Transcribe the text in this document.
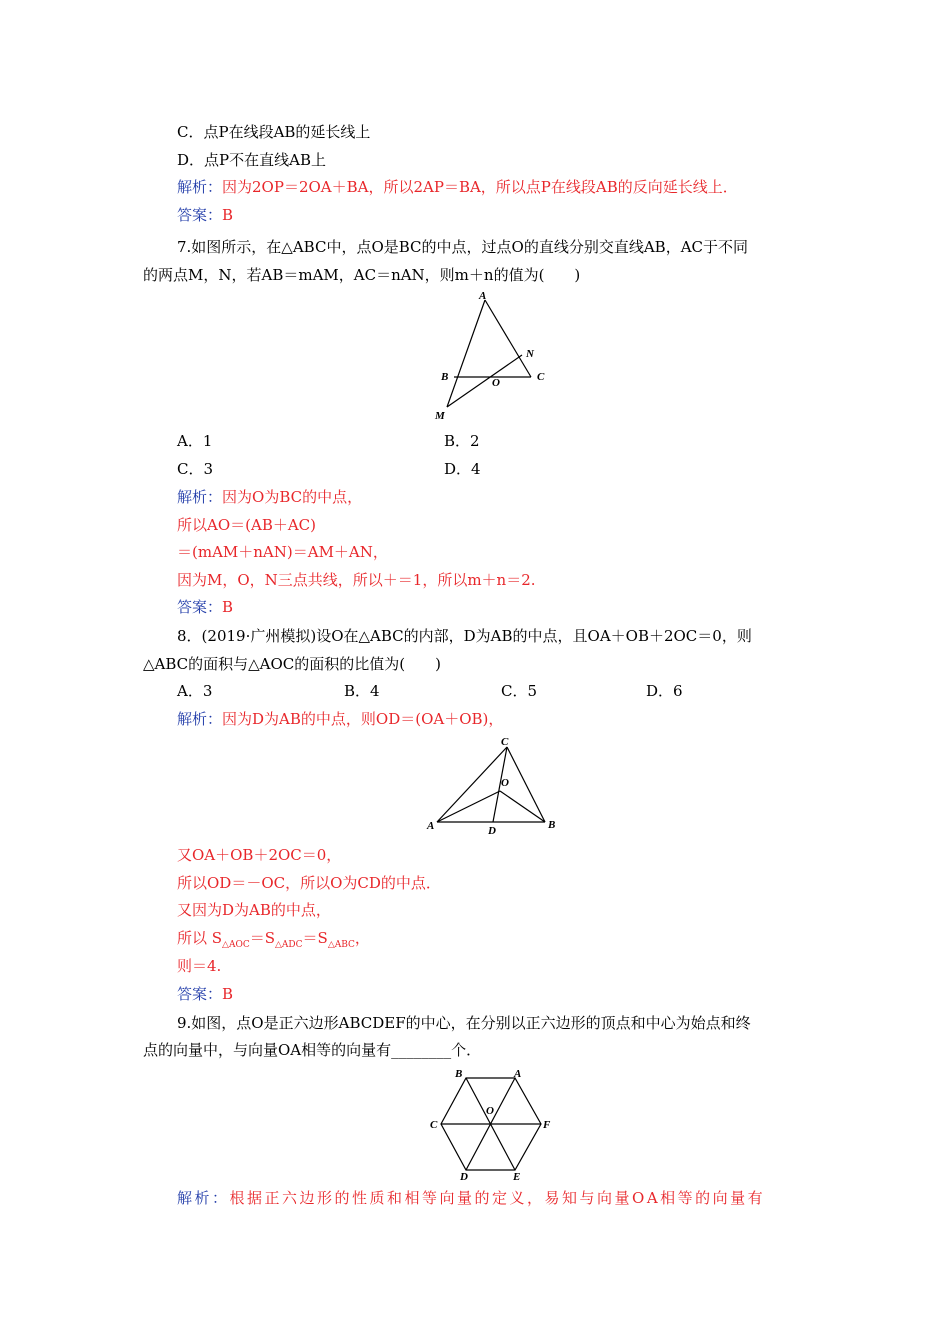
C．点P在线段AB的延长线上
D．点P不在直线AB上
解析：因为2OP＝2OA＋BA，所以2AP＝BA，所以点P在线段AB的反向延长线上．
答案：B
7.如图所示，在△ABC中，点O是BC的中点，过点O的直线分别交直线AB，AC于不同
的两点M，N，若AB＝mAM，AC＝nAN，则m＋n的值为(　　)
A
B	C
O
N
M
A．1	B．2
C．3	D．4
解析：因为O为BC的中点，
所以AO＝(AB＋AC)
＝(mAM＋nAN)＝AM＋AN，
因为M，O，N三点共线，所以＋＝1，所以m＋n＝2.
答案：B
8．(2019·广州模拟)设O在△ABC的内部，D为AB的中点，且OA＋OB＋2OC＝0，则
△ABC的面积与△AOC的面积的比值为(　　)
A．3	B．4	C．5	D．6
解析：因为D为AB的中点，则OD＝(OA＋OB)，
C
O
A	B
D
又OA＋OB＋2OC＝0，
所以OD＝－OC，所以O为CD的中点．
又因为D为AB的中点，
所以 $S_{\triangle AOC}=S_{\triangle ADC}=S_{\triangle ABC}$，
则＝4.
答案：B
9.如图，点O是正六边形ABCDEF的中心，在分别以正六边形的顶点和中心为始点和终
点的向量中，与向量OA相等的向量有________个．
B	A
O
C	F
D	E
解析：根据正六边形的性质和相等向量的定义，易知与向量OA相等的向量有
